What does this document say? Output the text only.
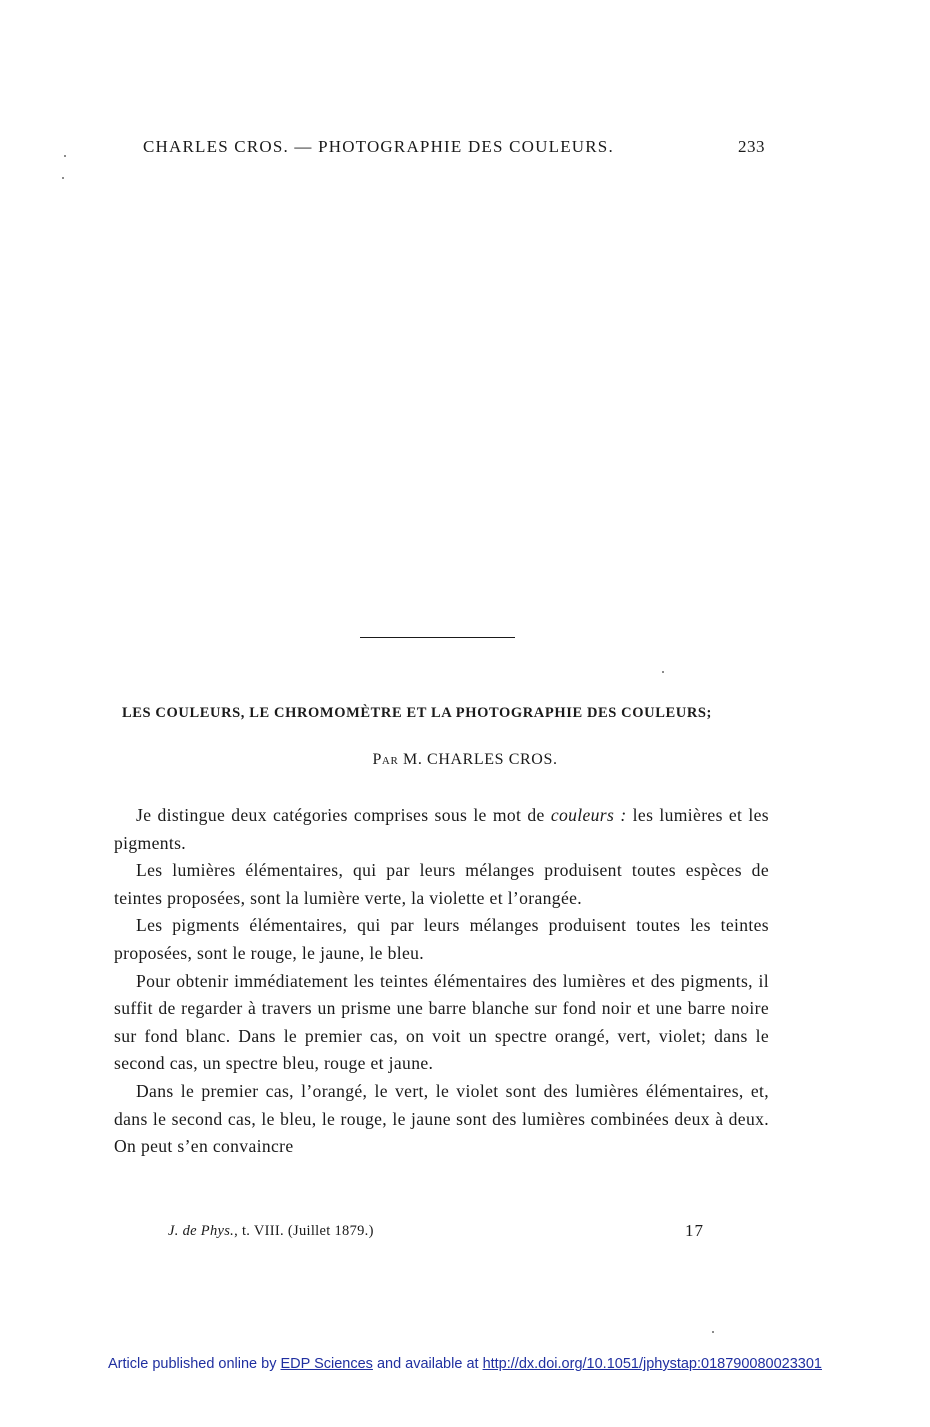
CHARLES CROS. — PHOTOGRAPHIE DES COULEURS.	233
LES COULEURS, LE CHROMOMÈTRE ET LA PHOTOGRAPHIE DES COULEURS;
Par M. CHARLES CROS.

Je distingue deux catégories comprises sous le mot de couleurs : les lumières et les pigments.

Les lumières élémentaires, qui par leurs mélanges produisent toutes espèces de teintes proposées, sont la lumière verte, la violette et l’orangée.

Les pigments élémentaires, qui par leurs mélanges produisent toutes les teintes proposées, sont le rouge, le jaune, le bleu.

Pour obtenir immédiatement les teintes élémentaires des lumières et des pigments, il suffit de regarder à travers un prisme une barre blanche sur fond noir et une barre noire sur fond blanc. Dans le premier cas, on voit un spectre orangé, vert, violet; dans le second cas, un spectre bleu, rouge et jaune.

Dans le premier cas, l’orangé, le vert, le violet sont des lumières élémentaires, et, dans le second cas, le bleu, le rouge, le jaune sont des lumières combinées deux à deux. On peut s’en convaincre

J. de Phys., t. VIII. (Juillet 1879.)	17
Article published online by EDP Sciences and available at http://dx.doi.org/10.1051/jphystap:018790080023301
